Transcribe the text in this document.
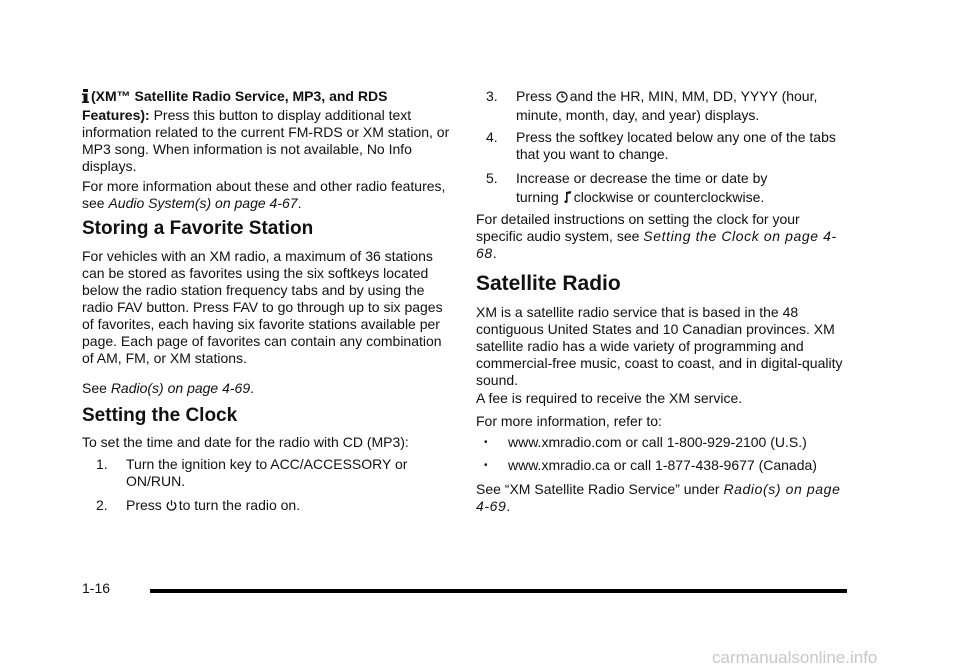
(XM™ Satellite Radio Service, MP3, and RDS Features): Press this button to display additional text information related to the current FM-RDS or XM station, or MP3 song. When information is not available, No Info displays.

For more information about these and other radio features, see Audio System(s) on page 4-67.

Storing a Favorite Station

For vehicles with an XM radio, a maximum of 36 stations can be stored as favorites using the six softkeys located below the radio station frequency tabs and by using the radio FAV button. Press FAV to go through up to six pages of favorites, each having six favorite stations available per page. Each page of favorites can contain any combination of AM, FM, or XM stations.

See Radio(s) on page 4-69.

Setting the Clock

To set the time and date for the radio with CD (MP3):

1. Turn the ignition key to ACC/ACCESSORY or ON/RUN.
2. Press to turn the radio on.
3. Press and the HR, MIN, MM, DD, YYYY (hour, minute, month, day, and year) displays.
4. Press the softkey located below any one of the tabs that you want to change.
5. Increase or decrease the time or date by
turning clockwise or counterclockwise.

For detailed instructions on setting the clock for your specific audio system, see Setting the Clock on page 4-68.

Satellite Radio

XM is a satellite radio service that is based in the 48 contiguous United States and 10 Canadian provinces. XM satellite radio has a wide variety of programming and commercial-free music, coast to coast, and in digital-quality sound.

A fee is required to receive the XM service.

For more information, refer to:

• www.xmradio.com or call 1-800-929-2100 (U.S.)
• www.xmradio.ca or call 1-877-438-9677 (Canada)

See “XM Satellite Radio Service” under Radio(s) on page 4-69.

1-16
carmanualsonline.info
